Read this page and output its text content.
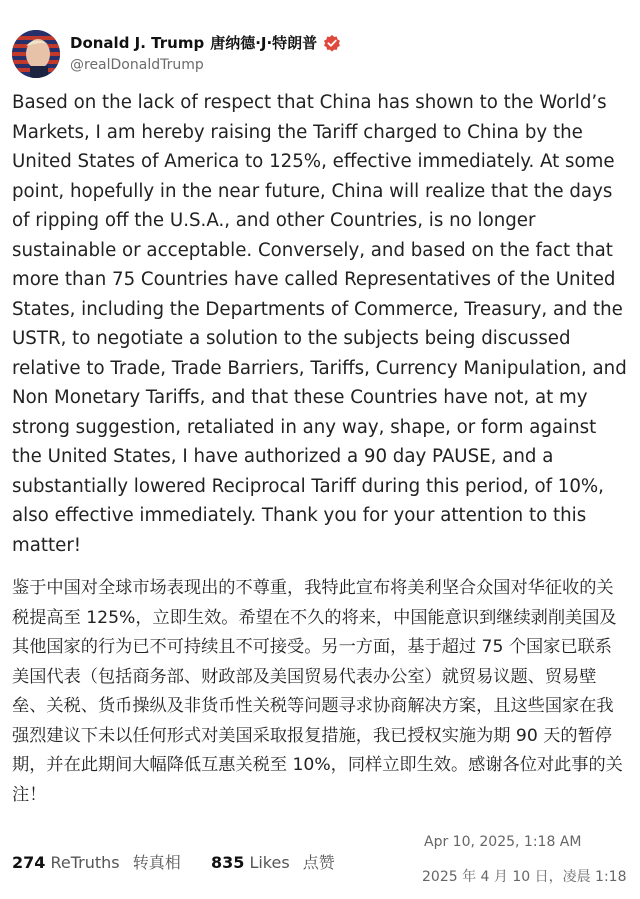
Donald J. Trump 唐纳德·J·特朗普
@realDonaldTrump
Based on the lack of respect that China has shown to the World’s Markets, I am hereby raising the Tariff charged to China by the United States of America to 125%, effective immediately. At some point, hopefully in the near future, China will realize that the days of ripping off the U.S.A., and other Countries, is no longer sustainable or acceptable. Conversely, and based on the fact that more than 75 Countries have called Representatives of the United States, including the Departments of Commerce, Treasury, and the USTR, to negotiate a solution to the subjects being discussed relative to Trade, Trade Barriers, Tariffs, Currency Manipulation, and Non Monetary Tariffs, and that these Countries have not, at my strong suggestion, retaliated in any way, shape, or form against the United States, I have authorized a 90 day PAUSE, and a substantially lowered Reciprocal Tariff during this period, of 10%, also effective immediately. Thank you for your attention to this matter!
鉴于中国对全球市场表现出的不尊重，我特此宣布将美利坚合众国对华征收的关税提高至 125%，立即生效。希望在不久的将来，中国能意识到继续剥削美国及其他国家的行为已不可持续且不可接受。另一方面，基于超过 75 个国家已联系美国代表（包括商务部、财政部及美国贸易代表办公室）就贸易议题、贸易壁垒、关税、货币操纵及非货币性关税等问题寻求协商解决方案，且这些国家在我强烈建议下未以任何形式对美国采取报复措施，我已授权实施为期 90 天的暂停期，并在此期间大幅降低互惠关税至 10%，同样立即生效。感谢各位对此事的关注！
Apr 10, 2025, 1:18 AM
274 ReTruths 转真相 835 Likes 点赞
2025 年 4 月 10 日，凌晨 1:18
